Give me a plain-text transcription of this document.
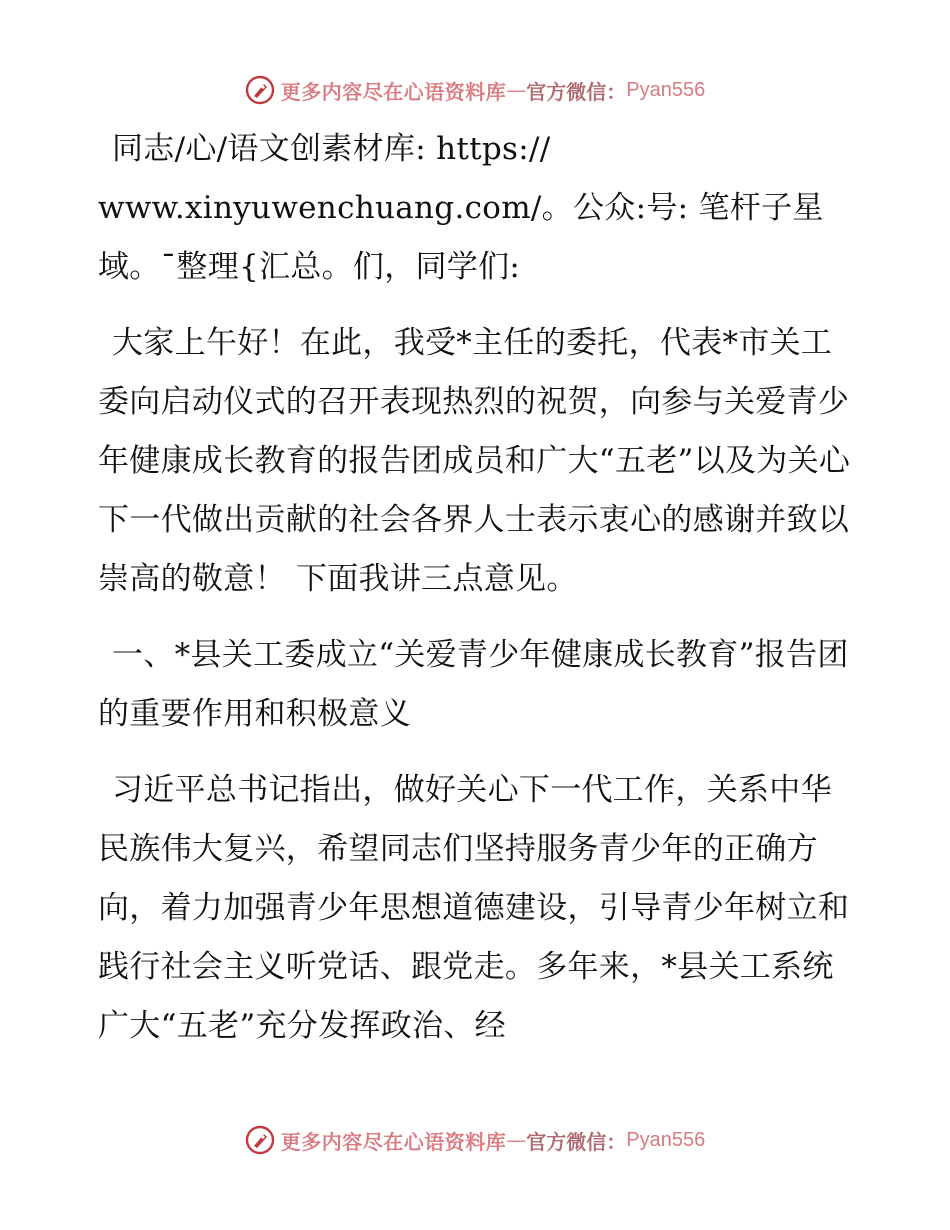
更多内容尽在心语资料库 — 官方微信： Pyan556

同志/心/语文创素材库: https:// www.xinyuwenchuang.com/。公众:号: 笔杆子星域。¯整理{汇总。们，同学们:

大家上午好！在此，我受*主任的委托，代表*市关工委向启动仪式的召开表现热烈的祝贺，向参与关爱青少年健康成长教育的报告团成员和广大“五老”以及为关心下一代做出贡献的社会各界人士表示衷心的感谢并致以崇高的敬意！ 下面我讲三点意见。

一、*县关工委成立“关爱青少年健康成长教育”报告团的重要作用和积极意义

习近平总书记指出，做好关心下一代工作，关系中华民族伟大复兴，希望同志们坚持服务青少年的正确方向，着力加强青少年思想道德建设，引导青少年树立和践行社会主义听党话、跟党走。多年来，*县关工系统广大“五老”充分发挥政治、经

更多内容尽在心语资料库 — 官方微信： Pyan556
